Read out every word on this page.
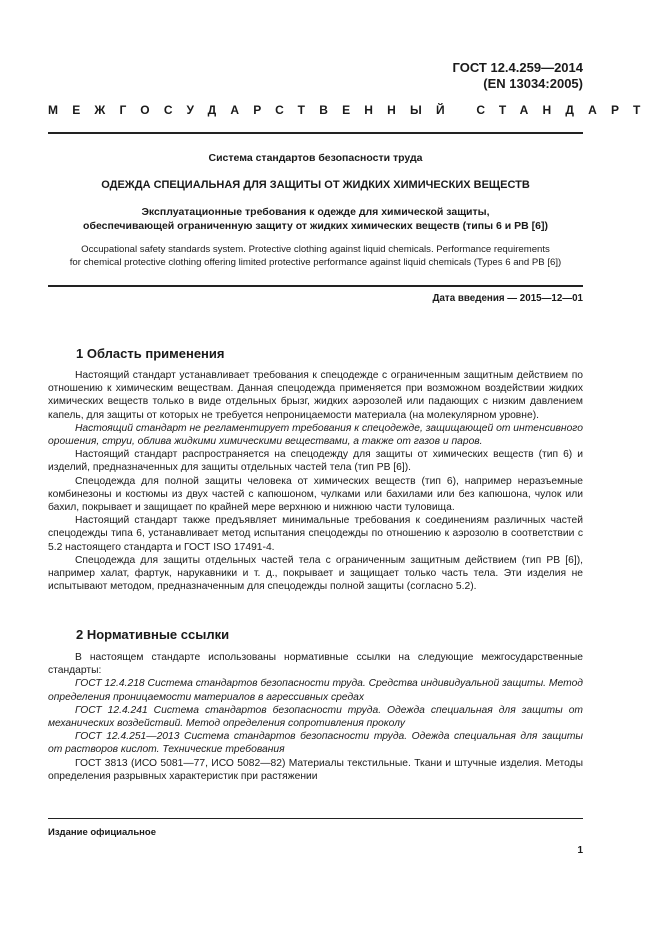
ГОСТ 12.4.259—2014
(EN 13034:2005)
МЕЖГОСУДАРСТВЕННЫЙ СТАНДАРТ
Система стандартов безопасности труда
ОДЕЖДА СПЕЦИАЛЬНАЯ ДЛЯ ЗАЩИТЫ ОТ ЖИДКИХ ХИМИЧЕСКИХ ВЕЩЕСТВ
Эксплуатационные требования к одежде для химической защиты,
обеспечивающей ограниченную защиту от жидких химических веществ (типы 6 и PB [6])
Occupational safety standards system. Protective clothing against liquid chemicals. Performance requirements
for chemical protective clothing offering limited protective performance against liquid chemicals (Types 6 and PB [6])
Дата введения — 2015—12—01
1 Область применения

Настоящий стандарт устанавливает требования к спецодежде с ограниченным защитным действием по отношению к химическим веществам. Данная спецодежда применяется при возможном воздействии жидких химических веществ только в виде отдельных брызг, жидких аэрозолей или падающих с низким давлением капель, для защиты от которых не требуется непроницаемости материала (на молекулярном уровне).

Настоящий стандарт не регламентирует требования к спецодежде, защищающей от интенсивного орошения, струи, облива жидкими химическими веществами, а также от газов и паров.

Настоящий стандарт распространяется на спецодежду для защиты от химических веществ (тип 6) и изделий, предназначенных для защиты отдельных частей тела (тип PB [6]).

Спецодежда для полной защиты человека от химических веществ (тип 6), например неразъемные комбинезоны и костюмы из двух частей с капюшоном, чулками или бахилами или без капюшона, чулок или бахил, покрывает и защищает по крайней мере верхнюю и нижнюю части туловища.

Настоящий стандарт также предъявляет минимальные требования к соединениям различных частей спецодежды типа 6, устанавливает метод испытания спецодежды по отношению к аэрозолю в соответствии с 5.2 настоящего стандарта и ГОСТ ISO 17491-4.

Спецодежда для защиты отдельных частей тела с ограниченным защитным действием (тип PB [6]), например халат, фартук, нарукавники и т. д., покрывает и защищает только часть тела. Эти изделия не испытывают методом, предназначенным для спецодежды полной защиты (согласно 5.2).

2 Нормативные ссылки

В настоящем стандарте использованы нормативные ссылки на следующие межгосударственные стандарты:

ГОСТ 12.4.218 Система стандартов безопасности труда. Средства индивидуальной защиты. Метод определения проницаемости материалов в агрессивных средах

ГОСТ 12.4.241 Система стандартов безопасности труда. Одежда специальная для защиты от механических воздействий. Метод определения сопротивления проколу

ГОСТ 12.4.251—2013 Система стандартов безопасности труда. Одежда специальная для защиты от растворов кислот. Технические требования

ГОСТ 3813 (ИСО 5081—77, ИСО 5082—82) Материалы текстильные. Ткани и штучные изделия. Методы определения разрывных характеристик при растяжении

Издание официальное
1
